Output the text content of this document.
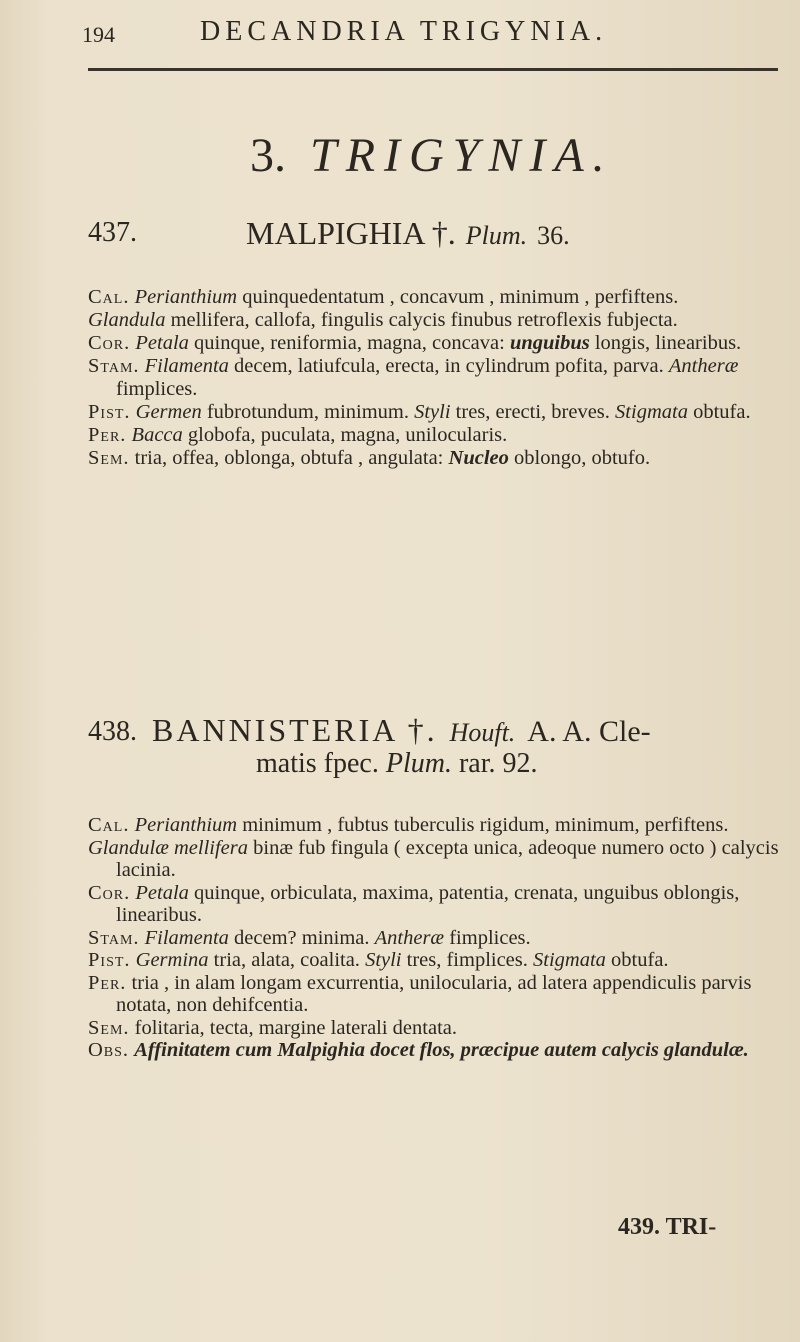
194	DECANDRIA TRIGYNIA.
3. TRIGYNIA.
437.	MALPIGHIA †. Plum. 36.

Cal. Perianthium quinquedentatum , concavum , minimum , perfiftens.

Glandula mellifera, callofa, fingulis calycis finubus retroflexis fubjecta.

Cor. Petala quinque, reniformia, magna, concava: unguibus longis, linearibus.

Stam. Filamenta decem, latiufcula, erecta, in cylindrum pofita, parva. Antheræ fimplices.

Pist. Germen fubrotundum, minimum. Styli tres, erecti, breves. Stigmata obtufa.

Per. Bacca globofa, puculata, magna, unilocularis.

Sem. tria, offea, oblonga, obtufa , angulata: Nucleo oblongo, obtufo.

438. BANNISTERIA †. Houft. A. A. Cle-
matis fpec. Plum. rar. 92.

Cal. Perianthium minimum , fubtus tuberculis rigidum, minimum, perfiftens.

Glandulæ mellifera binæ fub fingula ( excepta unica, adeoque numero octo ) calycis lacinia.

Cor. Petala quinque, orbiculata, maxima, patentia, crenata, unguibus oblongis, linearibus.

Stam. Filamenta decem? minima. Antheræ fimplices.

Pist. Germina tria, alata, coalita. Styli tres, fimplices. Stigmata obtufa.

Per. tria , in alam longam excurrentia, unilocularia, ad latera appendiculis parvis notata, non dehifcentia.

Sem. folitaria, tecta, margine laterali dentata.

Obs. Affinitatem cum Malpighia docet flos, præcipue autem calycis glandulæ.

439. TRI-
